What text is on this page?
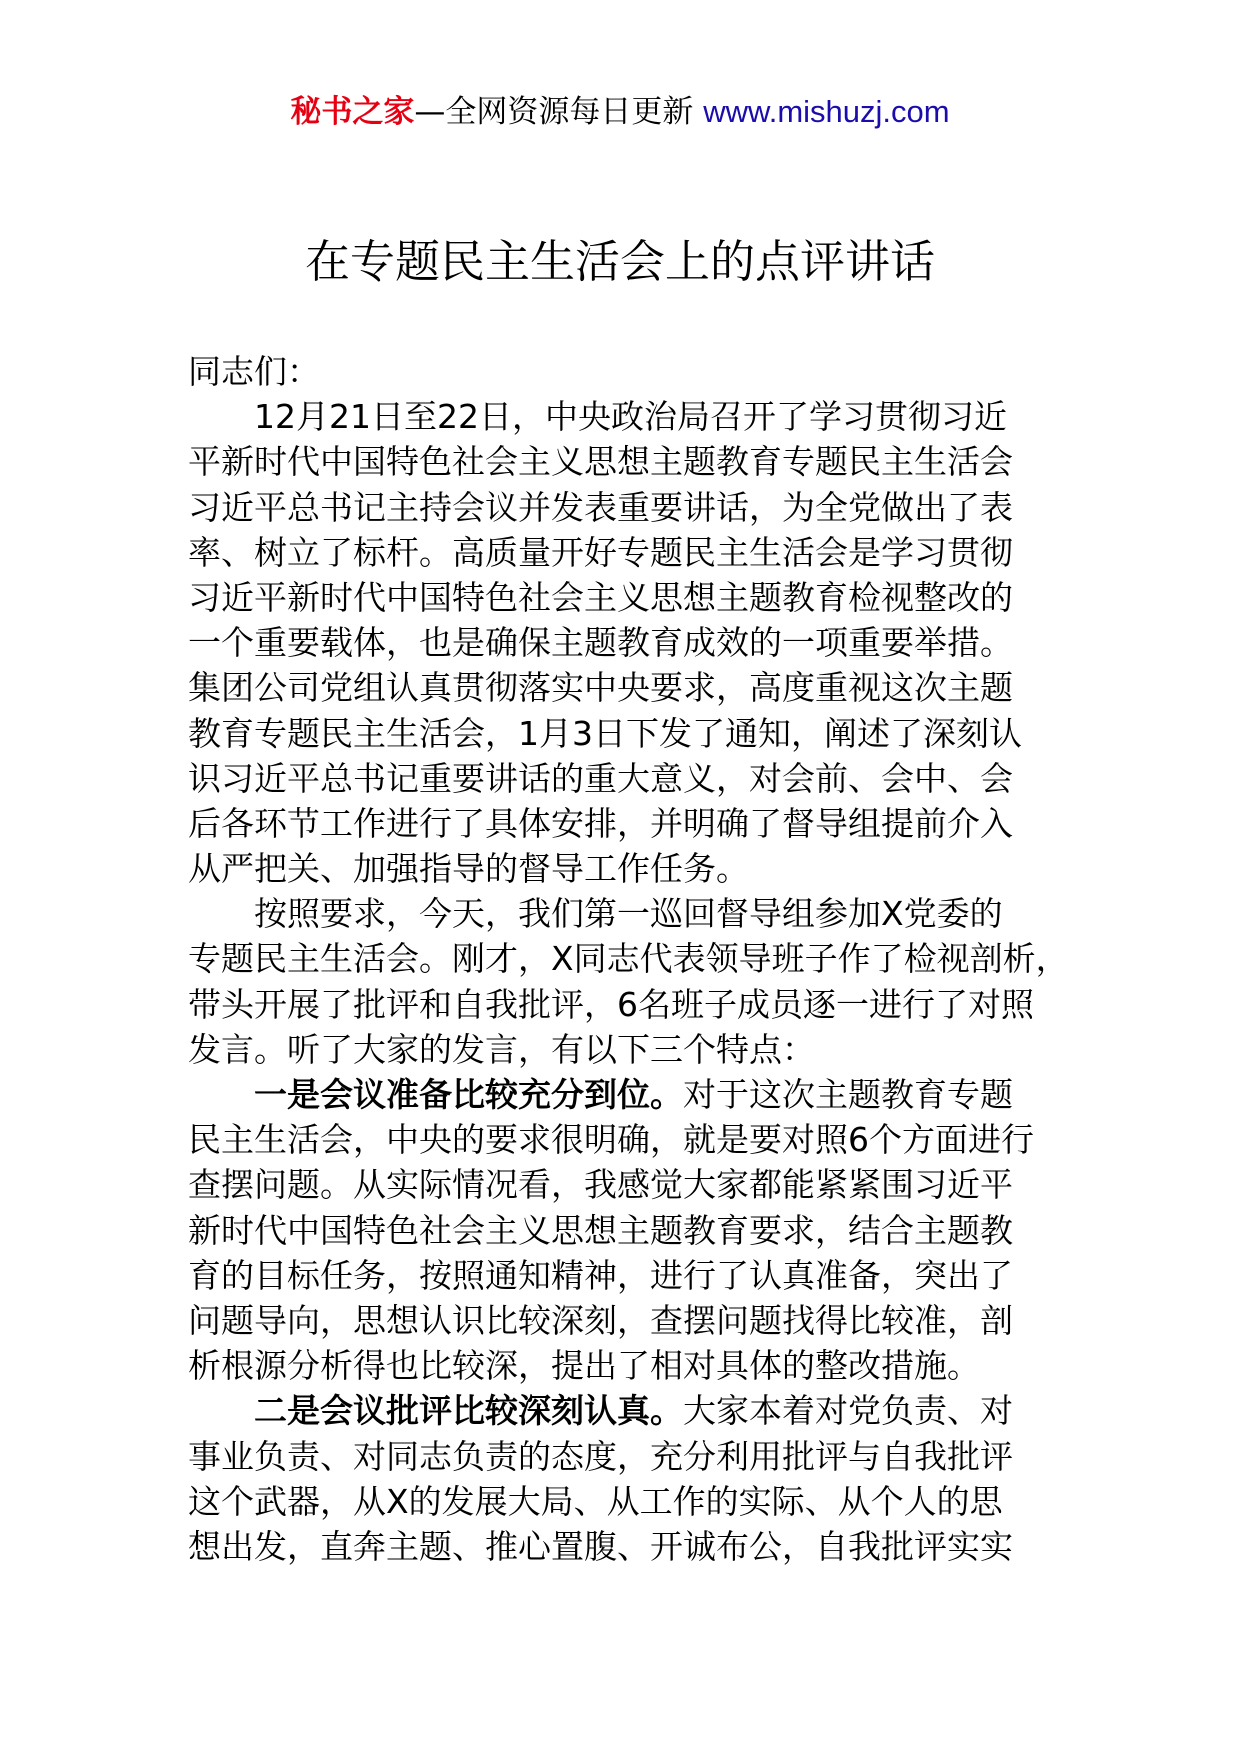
秘书之家—全网资源每日更新 www.mishuzj.com
在专题民主生活会上的点评讲话
同志们：
12月21日至22日，中央政治局召开了学习贯彻习近
平新时代中国特色社会主义思想主题教育专题民主生活会
习近平总书记主持会议并发表重要讲话，为全党做出了表
率、树立了标杆。高质量开好专题民主生活会是学习贯彻
习近平新时代中国特色社会主义思想主题教育检视整改的
一个重要载体，也是确保主题教育成效的一项重要举措。
集团公司党组认真贯彻落实中央要求，高度重视这次主题
教育专题民主生活会，1月3日下发了通知，阐述了深刻认
识习近平总书记重要讲话的重大意义，对会前、会中、会
后各环节工作进行了具体安排，并明确了督导组提前介入
从严把关、加强指导的督导工作任务。
按照要求，今天，我们第一巡回督导组参加X党委的
专题民主生活会。刚才，X同志代表领导班子作了检视剖析，
带头开展了批评和自我批评，6名班子成员逐一进行了对照
发言。听了大家的发言，有以下三个特点：
一是会议准备比较充分到位。对于这次主题教育专题
民主生活会，中央的要求很明确，就是要对照6个方面进行
查摆问题。从实际情况看，我感觉大家都能紧紧围习近平
新时代中国特色社会主义思想主题教育要求，结合主题教
育的目标任务，按照通知精神，进行了认真准备，突出了
问题导向，思想认识比较深刻，查摆问题找得比较准，剖
析根源分析得也比较深，提出了相对具体的整改措施。
二是会议批评比较深刻认真。大家本着对党负责、对
事业负责、对同志负责的态度，充分利用批评与自我批评
这个武器，从X的发展大局、从工作的实际、从个人的思
想出发，直奔主题、推心置腹、开诚布公，自我批评实实
